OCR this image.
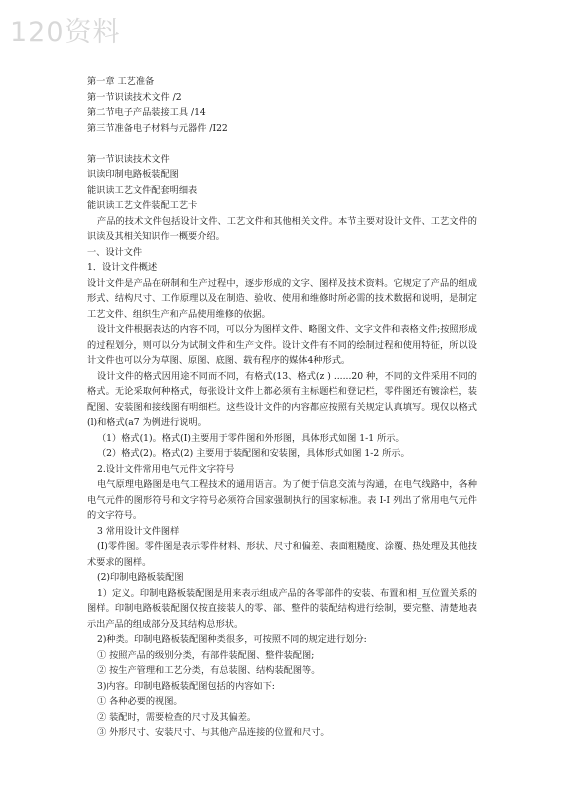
120资料
第一章 工艺准备
第一节识读技术文件 /2
第二节电子产品装接工具 /14
第三节准备电子材料与元器件 /I22
第一节识读技术文件
识读印制电路板装配图
能识读工艺文件配套明细表
能识读工艺文件装配工艺卡
产品的技术文件包括设计文件、工艺文件和其他相关文件。本节主要对设计文件、工艺文件的识读及其相关知识作一概要介绍。
一、设计文件
1．设计文件概述
设计文件是产品在研制和生产过程中，逐步形成的文字、图样及技术资料。它规定了产品的组成形式、结构尺寸、工作原理以及在制造、验收、使用和维修时所必需的技术数据和说明，是制定工艺文件、组织生产和产品使用维修的依据。
设计文件根据表达的内容不同，可以分为图样文件、略图文件、文字文件和表格文件;按照形成的过程划分，则可以分为试制文件和生产文件。设计文件有不同的绘制过程和使用特征，所以设计文件也可以分为草图、原图、底图、载有程序的媒体4种形式。
设计文件的格式因用途不同而不同，有格式(13、格式(z ) ......20 种，不同的文件采用不同的格式。无论采取何种格式，每张设计文件上都必须有主标题栏和登记栏，零件图还有镀涂栏，装配图、安装图和接线图有明细栏。这些设计文件的内容都应按照有关规定认真填写。现仅以格式(l)和格式(a7 为例进行说明。
（1）格式(1)。格式(I)主要用于零件图和外形图，具体形式如图 1-1 所示。
（2）格式(2)。格式(2) 主要用于装配图和安装图，具体形式如图 1-2 所示。
2.设计文件常用电气元件文字符号
电气原理电路图是电气工程技术的通用语言。为了便于信息交流与沟通，在电气线路中，各种电气元件的图形符号和文字符号必须符合国家强制执行的国家标准。表 I-I 列出了常用电气元件的文字符号。
3 常用设计文件图样
(I)零件图。零件图是表示零件材料、形状、尺寸和偏差、表面粗糙度、涂覆、热处理及其他技术要求的图样。
(2)印制电路板装配图
1）定义。印制电路板装配图是用来表示组成产品的各零部件的安装、布置和相_互位置关系的图样。印制电路板装配图仅按直接装人的零、部、整件的装配结构进行绘制，要完整、清楚地表示出产品的组成部分及其结构总形状。
2)种类。印制电路板装配图种类很多，可按照不同的规定进行划分:
① 按照产品的级别分类，有部件装配图、整件装配图;
② 按生产管理和工艺分类，有总装图、结构装配图等。
3)内容。印制电路板装配图包括的内容如下:
① 各种必要的视图。
② 装配时，需要检查的尺寸及其偏差。
③ 外形尺寸、安装尺寸、与其他产品连接的位置和尺寸。
